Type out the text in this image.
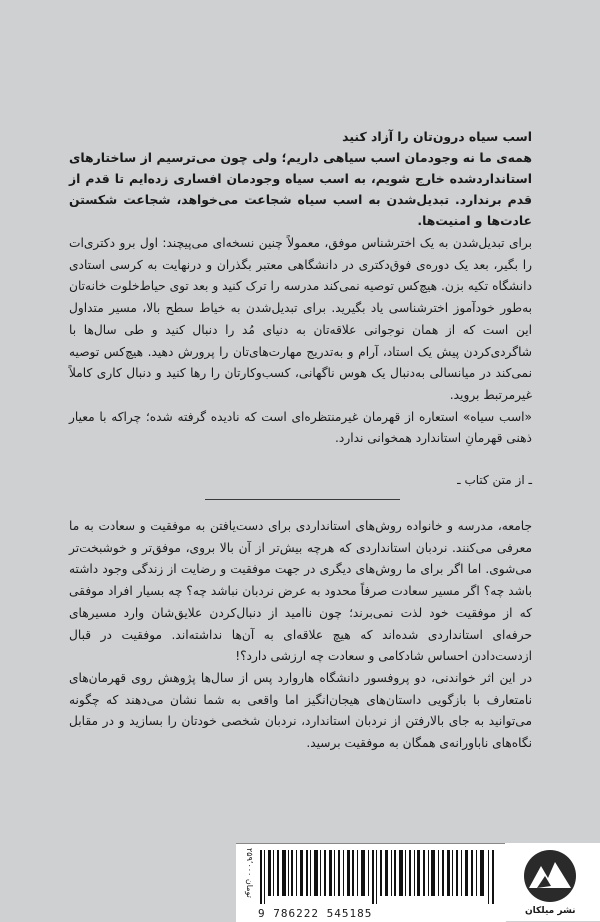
اسب سیاه درون‌تان را آزاد کنید
همه‌ی ما نه وجودمان اسب سیاهی داریم؛ ولی چون می‌ترسیم از ساختارهای استانداردشده خارج شویم، به اسب سیاه وجودمان افساری زده‌ایم تا قدم از قدم برندارد. تبدیل‌شدن به اسب سیاه شجاعت می‌خواهد، شجاعت شکستن عادت‌ها و امنیت‌ها.

برای تبدیل‌شدن به یک اخترشناس موفق، معمولاً چنین نسخه‌ای می‌پیچند: اول برو دکتری‌ات را بگیر، بعد یک دوره‌ی فوق‌دکتری در دانشگاهی معتبر بگذران و درنهایت به کرسی استادی دانشگاه تکیه بزن. هیچ‌کس توصیه نمی‌کند مدرسه را ترک کنید و بعد توی حیاط‌خلوت خانه‌تان به‌طور خودآموز اخترشناسی یاد بگیرید. برای تبدیل‌شدن به خیاط سطح بالا، مسیر متداول این است که از همان نوجوانی علاقه‌تان به دنیای مُد را دنبال کنید و طی سال‌ها با شاگردی‌کردن پیش یک استاد، آرام و به‌تدریج مهارت‌های‌تان را پرورش دهید. هیچ‌کس توصیه نمی‌کند در میانسالی به‌دنبال یک هوس ناگهانی، کسب‌وکارتان را رها کنید و دنبال کاری کاملاً غیرمرتبط بروید.

«اسب سیاه» استعاره از قهرمان غیرمنتظره‌ای است که نادیده گرفته شده؛ چراکه با معیار ذهنی قهرمانِ استاندارد همخوانی ندارد.

ـ از متن کتاب ـ

جامعه، مدرسه و خانواده روش‌های استانداردی برای دست‌یافتن به موفقیت و سعادت به ما معرفی می‌کنند. نردبان استانداردی که هرچه بیش‌تر از آن بالا بروی، موفق‌تر و خوشبخت‌تر می‌شوی. اما اگر برای ما روش‌های دیگری در جهت موفقیت و رضایت از زندگی وجود داشته باشد چه؟ اگر مسیر سعادت صرفاً محدود به عرض نردبان نباشد چه؟ چه بسیار افراد موفقی که از موفقیت خود لذت نمی‌برند؛ چون ناامید از دنبال‌کردن علایق‌شان وارد مسیرهای حرفه‌ای استانداردی شده‌اند که هیچ علاقه‌ای به آن‌ها نداشته‌اند. موفقیت در قبال ازدست‌دادن احساس شادکامی و سعادت چه ارزشی دارد؟!

در این اثر خواندنی، دو پروفسور دانشگاه هاروارد پس از سال‌ها پژوهش روی قهرمان‌های نامتعارف با بازگویی داستان‌های هیجان‌انگیز اما واقعی به شما نشان می‌دهند که چگونه می‌توانید به جای بالارفتن از نردبان استاندارد، نردبان شخصی خودتان را بسازید و در مقابل نگاه‌های ناباورانه‌ی همگان به موفقیت برسید.

۲۵۹٬۰۰۰ تومان
9 786222 545185	نشر میلکان
